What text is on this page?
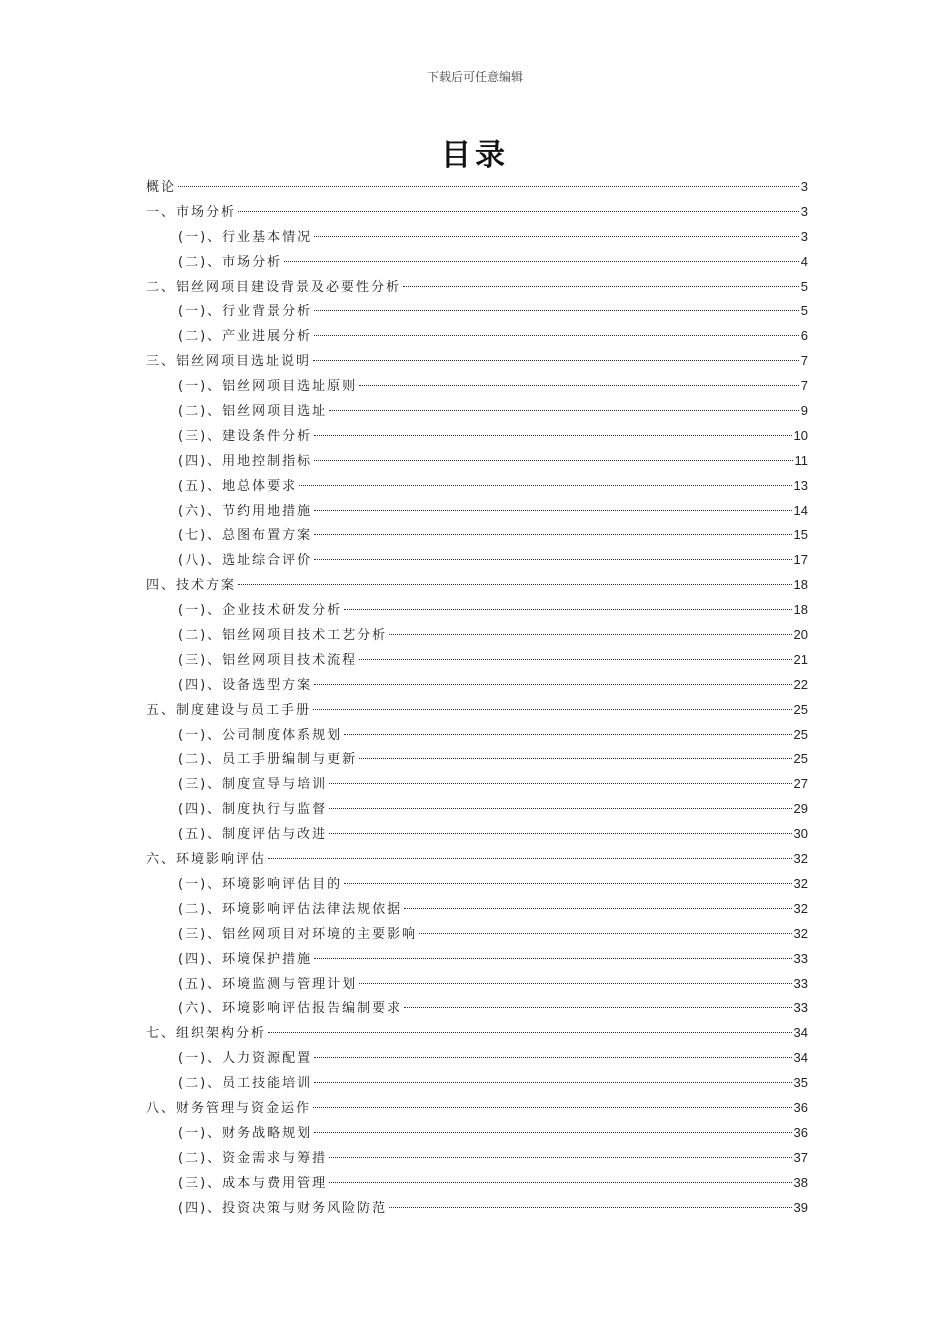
下载后可任意编辑
目录
概论	3
一、市场分析	3
(一)、行业基本情况	3
(二)、市场分析	4
二、铝丝网项目建设背景及必要性分析	5
(一)、行业背景分析	5
(二)、产业进展分析	6
三、铝丝网项目选址说明	7
(一)、铝丝网项目选址原则	7
(二)、铝丝网项目选址	9
(三)、建设条件分析	10
(四)、用地控制指标	11
(五)、地总体要求	13
(六)、节约用地措施	14
(七)、总图布置方案	15
(八)、选址综合评价	17
四、技术方案	18
(一)、企业技术研发分析	18
(二)、铝丝网项目技术工艺分析	20
(三)、铝丝网项目技术流程	21
(四)、设备选型方案	22
五、制度建设与员工手册	25
(一)、公司制度体系规划	25
(二)、员工手册编制与更新	25
(三)、制度宣导与培训	27
(四)、制度执行与监督	29
(五)、制度评估与改进	30
六、环境影响评估	32
(一)、环境影响评估目的	32
(二)、环境影响评估法律法规依据	32
(三)、铝丝网项目对环境的主要影响	32
(四)、环境保护措施	33
(五)、环境监测与管理计划	33
(六)、环境影响评估报告编制要求	33
七、组织架构分析	34
(一)、人力资源配置	34
(二)、员工技能培训	35
八、财务管理与资金运作	36
(一)、财务战略规划	36
(二)、资金需求与筹措	37
(三)、成本与费用管理	38
(四)、投资决策与财务风险防范	39
